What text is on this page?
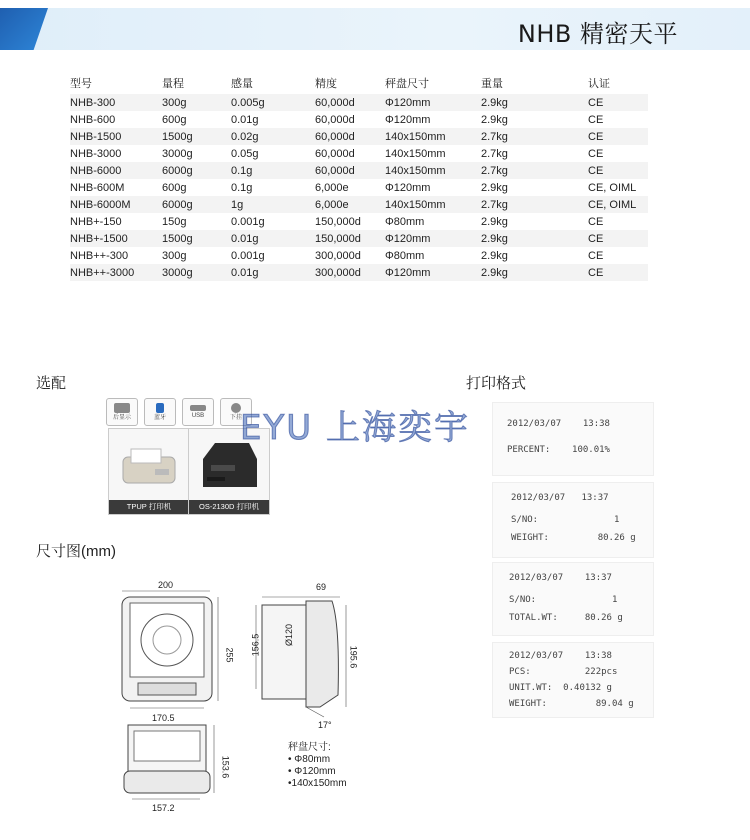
NHB 精密天平
型号	量程	感量	精度	秤盘尺寸	重量	认证
NHB-300	300g	0.005g	60,000d	Φ120mm	2.9kg	CE
NHB-600	600g	0.01g	60,000d	Φ120mm	2.9kg	CE
NHB-1500	1500g	0.02g	60,000d	140x150mm	2.7kg	CE
NHB-3000	3000g	0.05g	60,000d	140x150mm	2.7kg	CE
NHB-6000	6000g	0.1g	60,000d	140x150mm	2.7kg	CE
NHB-600M	600g	0.1g	6,000e	Φ120mm	2.9kg	CE, OIML
NHB-6000M	6000g	1g	6,000e	140x150mm	2.7kg	CE, OIML
NHB+-150	150g	0.001g	150,000d	Φ80mm	2.9kg	CE
NHB+-1500	1500g	0.01g	150,000d	Φ120mm	2.9kg	CE
NHB++-300	300g	0.001g	300,000d	Φ80mm	2.9kg	CE
NHB++-3000	3000g	0.01g	300,000d	Φ120mm	2.9kg	CE
选配
后显示	蓝牙	USB	下挂
TPUP 打印机	OS-2130D 打印机
EYU 上海奕宇
打印格式
2012/03/07    13:38
PERCENT:    100.01%
2012/03/07   13:37
S/NO:              1
WEIGHT:         80.26 g
2012/03/07    13:37
S/NO:              1
TOTAL.WT:     80.26 g
2012/03/07    13:38
PCS:          222pcs
UNIT.WT:  0.40132 g
WEIGHT:         89.04 g
尺寸图(mm)
200
170.5
255
69
Ø120
156.5
195.6
17°
153.6
157.2
秤盘尺寸:
• Φ80mm
• Φ120mm
•140x150mm
